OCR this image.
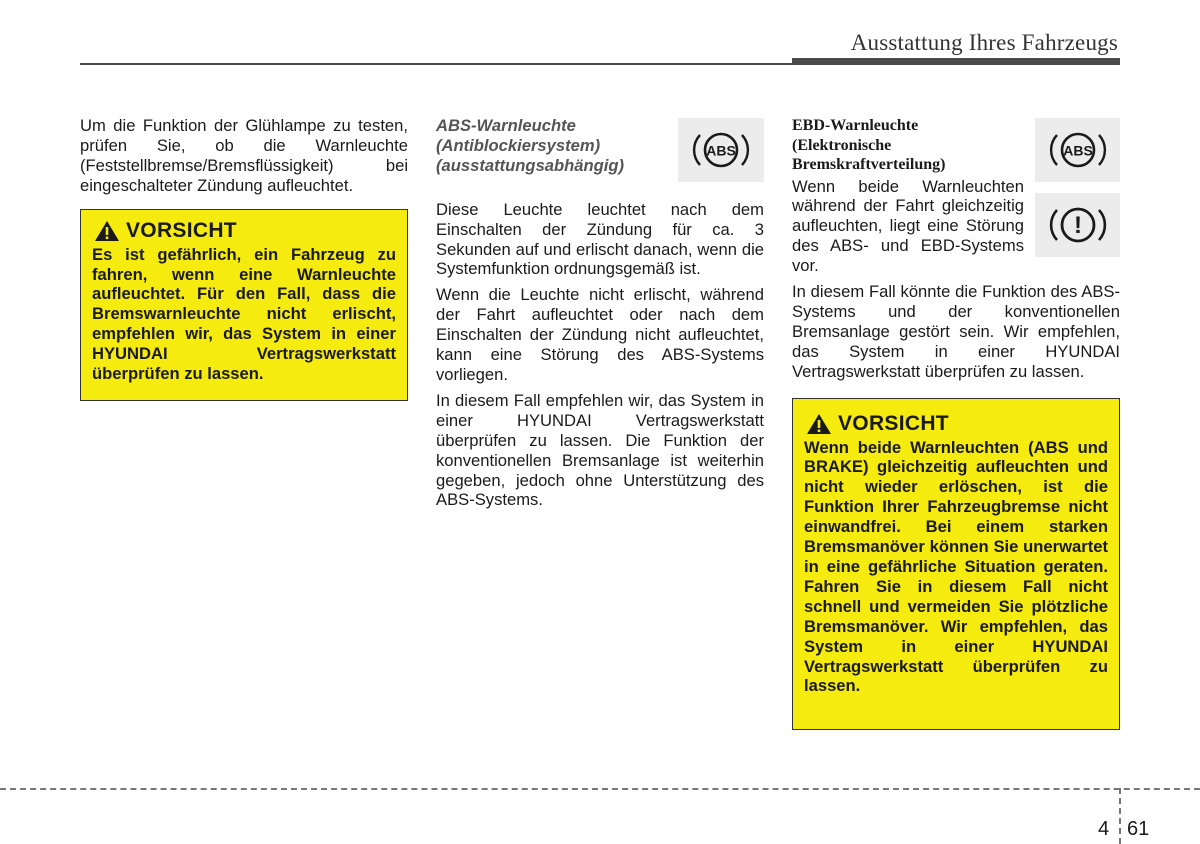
Ausstattung Ihres Fahrzeugs

Um die Funktion der Glühlampe zu testen, prüfen Sie, ob die Warnleuchte (Feststellbremse/Bremsflüssigkeit) bei eingeschalteter Zündung aufleuchtet.

VORSICHT

Es ist gefährlich, ein Fahrzeug zu fahren, wenn eine Warnleuchte aufleuchtet. Für den Fall, dass die Bremswarnleuchte nicht erlischt, empfehlen wir, das System in einer HYUNDAI Vertragswerkstatt überprüfen zu lassen.

ABS-Warnleuchte
(Antiblockiersystem)
(ausstattungsabhängig)

Diese Leuchte leuchtet nach dem Einschalten der Zündung für ca. 3 Sekunden auf und erlischt danach, wenn die Systemfunktion ordnungsgemäß ist.

Wenn die Leuchte nicht erlischt, während der Fahrt aufleuchtet oder nach dem Einschalten der Zündung nicht aufleuchtet, kann eine Störung des ABS-Systems vorliegen.

In diesem Fall empfehlen wir, das System in einer HYUNDAI Vertragswerkstatt überprüfen zu lassen. Die Funktion der konventionellen Bremsanlage ist weiterhin gegeben, jedoch ohne Unterstützung des ABS-Systems.

ABS
EBD-Warnleuchte
(Elektronische
Bremskraftverteilung)

Wenn beide Warnleuchten während der Fahrt gleichzeitig aufleuchten, liegt eine Störung des ABS- und EBD-Systems vor.

In diesem Fall könnte die Funktion des ABS-Systems und der konventionellen Bremsanlage gestört sein. Wir empfehlen, das System in einer HYUNDAI Vertragswerkstatt überprüfen zu lassen.

VORSICHT

Wenn beide Warnleuchten (ABS und BRAKE) gleichzeitig aufleuchten und nicht wieder erlöschen, ist die Funktion Ihrer Fahrzeugbremse nicht einwandfrei. Bei einem starken Bremsmanöver können Sie unerwartet in eine gefährliche Situation geraten. Fahren Sie in diesem Fall nicht schnell und vermeiden Sie plötzliche Bremsmanöver. Wir empfehlen, das System in einer HYUNDAI Vertragswerkstatt überprüfen zu lassen.

ABS
!
4 61
